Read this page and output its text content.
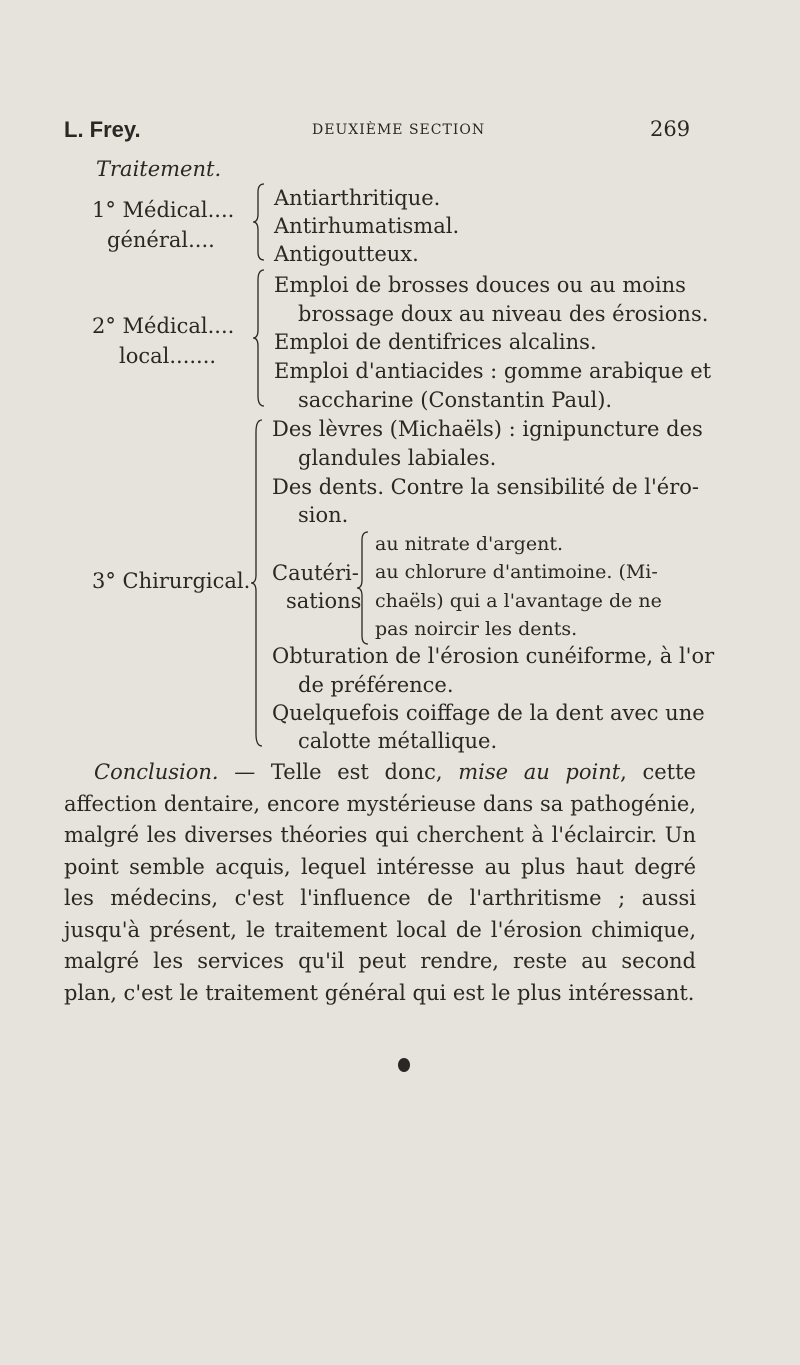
L. Frey.	DEUXIÈME SECTION	269
Traitement.
1° Médical....
général....
Antiarthritique.
Antirhumatismal.
Antigoutteux.
2° Médical....
local.......
Emploi de brosses douces ou au moins
brossage doux au niveau des érosions.
Emploi de dentifrices alcalins.
Emploi d'antiacides : gomme arabique et
saccharine (Constantin Paul).
3° Chirurgical.
Des lèvres (Michaëls) : ignipuncture des
glandules labiales.
Des dents. Contre la sensibilité de l'éro-
sion.
Cautéri-
sations
au nitrate d'argent.
au chlorure d'antimoine. (Mi-
chaëls) qui a l'avantage de ne
pas noircir les dents.
Obturation de l'érosion cunéiforme, à l'or
de préférence.
Quelquefois coiffage de la dent avec une
calotte métallique.
Conclusion. — Telle est donc, mise au point, cette affection dentaire, encore mystérieuse dans sa pathogénie, malgré les diverses théories qui cherchent à l'éclaircir. Un point semble acquis, lequel intéresse au plus haut degré les médecins, c'est l'influence de l'arthritisme ; aussi jusqu'à présent, le traitement local de l'érosion chimique, malgré les services qu'il peut rendre, reste au second plan, c'est le traitement général qui est le plus intéressant.
